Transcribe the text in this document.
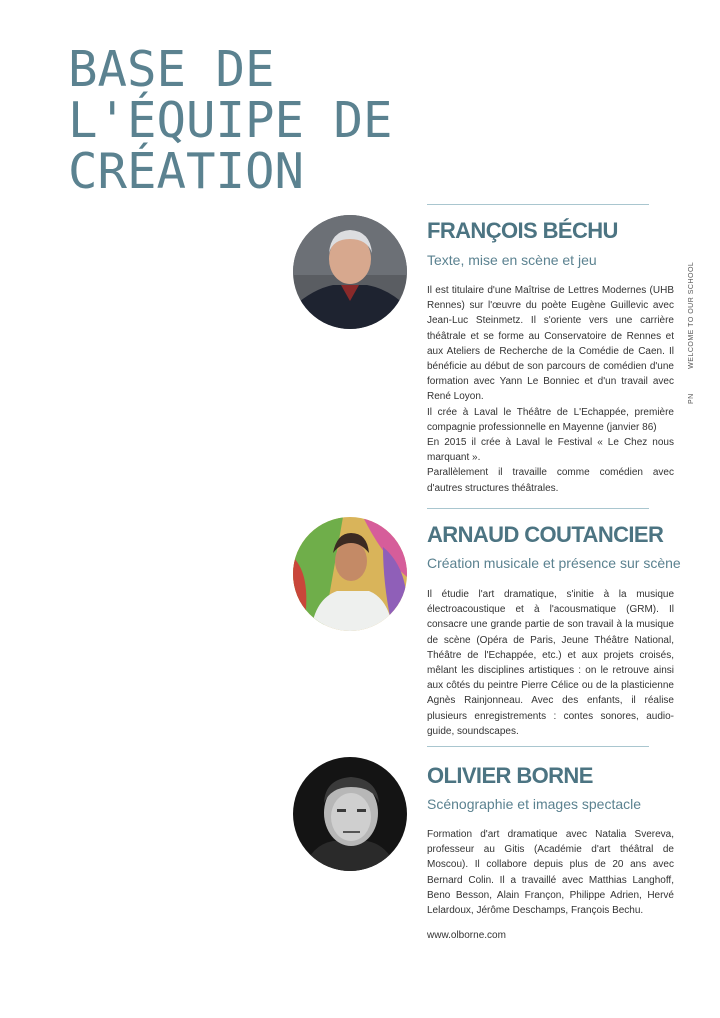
BASE DE
L'ÉQUIPE DE
CRÉATION
PN WELCOME TO OUR SCHOOL
FRANÇOIS BÉCHU
Texte, mise en scène et jeu

Il est titulaire d'une Maîtrise de Lettres Modernes (UHB Rennes) sur l'œuvre du poète Eugène Guillevic avec Jean-Luc Steinmetz. Il s'oriente vers une carrière théâtrale et se forme au Conservatoire de Rennes et aux Ateliers de Recherche de la Comédie de Caen. Il bénéficie au début de son parcours de comédien d'une formation avec Yann Le Bonniec et d'un travail avec René Loyon.

Il crée à Laval le Théâtre de L'Echappée, première compagnie professionnelle en Mayenne (janvier 86)

En 2015 il crée à Laval le Festival « Le Chez nous marquant ».

Parallèlement il travaille comme comédien avec d'autres structures théâtrales.

ARNAUD COUTANCIER
Création musicale et présence sur scène

Il étudie l'art dramatique, s'initie à la musique électroacoustique et à l'acousmatique (GRM). Il consacre une grande partie de son travail à la musique de scène (Opéra de Paris, Jeune Théâtre National, Théâtre de l'Echappée, etc.) et aux projets croisés, mêlant les disciplines artistiques : on le retrouve ainsi aux côtés du peintre Pierre Célice ou de la plasticienne Agnès Rainjonneau. Avec des enfants, il réalise plusieurs enregistrements : contes sonores, audio-guide, soundscapes.

OLIVIER BORNE
Scénographie et images spectacle

Formation d'art dramatique avec Natalia Svereva, professeur au Gitis (Académie d'art théâtral de Moscou). Il collabore depuis plus de 20 ans avec Bernard Colin. Il a travaillé avec Matthias Langhoff, Beno Besson, Alain Françon, Philippe Adrien, Hervé Lelardoux, Jérôme Deschamps, François Bechu.

www.olborne.com
